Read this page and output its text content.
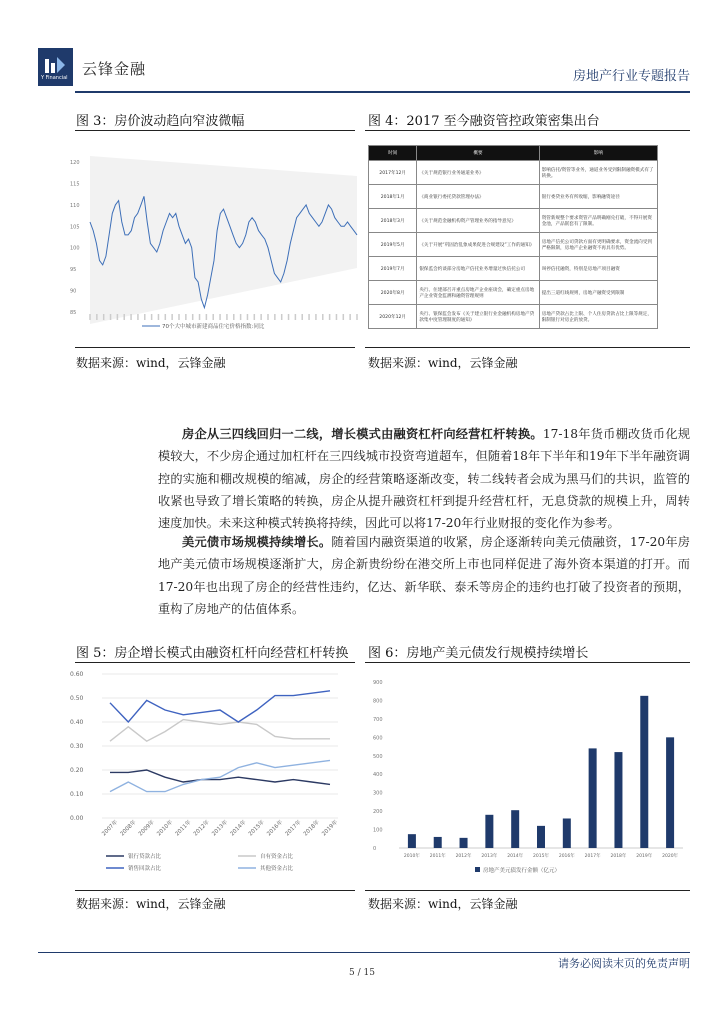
Y Financial 云锋金融	房地产行业专题报告
图 3：房价波动趋向窄波微幅
120
115
110
105
100
95
90
85
70个大中城市新建商品住宅价格指数:同比
数据来源：wind，云锋金融
图 4：2017 至今融资管控政策密集出台
时间	概要	影响
2017年12月	《关于规范银行业务通道业务》	影响信托/资管等业务，通道业务受到限制融资模式有了转换。
2018年1月	《商业银行委托贷款管理办法》	银行委贷业务有所收缩，影响融资途径
2018年3月	《关于规范金融机构资产管理业务的指导意见》	资管新规整个要求资管产品明确刚兑打破，不得开展资金池，产品嵌套有了限制。
2019年5月	《关于开展“巩固治乱象成果促进合规建设”工作的通知》	房地产信托公司贷款方面有更明确要求，资金流向受到严格限制，房地产企业融资不再具有优势。
2019年7月	银保监会约谈部分房地产信托业务增量过快信托公司	叫停信托融资，特别是房地产项目融资
2020年8月	央行、住建部召开重点房地产企业座谈会，确定重点房地产企业资金监测和融资管理规则	提出三道红线规则，房地产融资受到限制
2020年12月	央行、银保监会发布《关于建立银行业金融机构房地产贷款集中度管理制度的通知》	房地产贷款占比上限、个人住房贷款占比上限等规定，限制银行对房企的放贷。
数据来源：wind，云锋金融
房企从三四线回归一二线，增长模式由融资杠杆向经营杠杆转换。17-18年货币棚改货币化规模较大，不少房企通过加杠杆在三四线城市投资弯道超车，但随着18年下半年和19年下半年融资调控的实施和棚改规模的缩减，房企的经营策略逐渐改变，转二线转者会成为黑马们的共识，监管的收紧也导致了增长策略的转换，房企从提升融资杠杆到提升经营杠杆，无息贷款的规模上升，周转速度加快。未来这种模式转换将持续，因此可以将17-20年行业财报的变化作为参考。
美元债市场规模持续增长。随着国内融资渠道的收紧，房企逐渐转向美元债融资，17-20年房地产美元债市场规模逐渐扩大，房企新贵纷纷在港交所上市也同样促进了海外资本渠道的打开。而17-20年也出现了房企的经营性违约，亿达、新华联、泰禾等房企的违约也打破了投资者的预期，重构了房地产的估值体系。
图 5：房企增长模式由融资杠杆向经营杠杆转换
0.60
0.50
0.40
0.30
0.20
0.10
0.00
2007年 2008年 2009年 2010年 2011年 2012年 2013年 2014年 2015年 2016年 2017年 2018年 2019年
银行贷款占比	自有资金占比
销售回款占比	其他资金占比
数据来源：wind，云锋金融
图 6：房地产美元债发行规模持续增长
900
800
700
600
500
400
300
200
100
0
2010年 2011年 2012年 2013年 2014年 2015年 2016年 2017年 2018年 2019年 2020年
房地产美元债发行金额（亿元）
数据来源：wind，云锋金融
请务必阅读末页的免责声明
5 / 15
